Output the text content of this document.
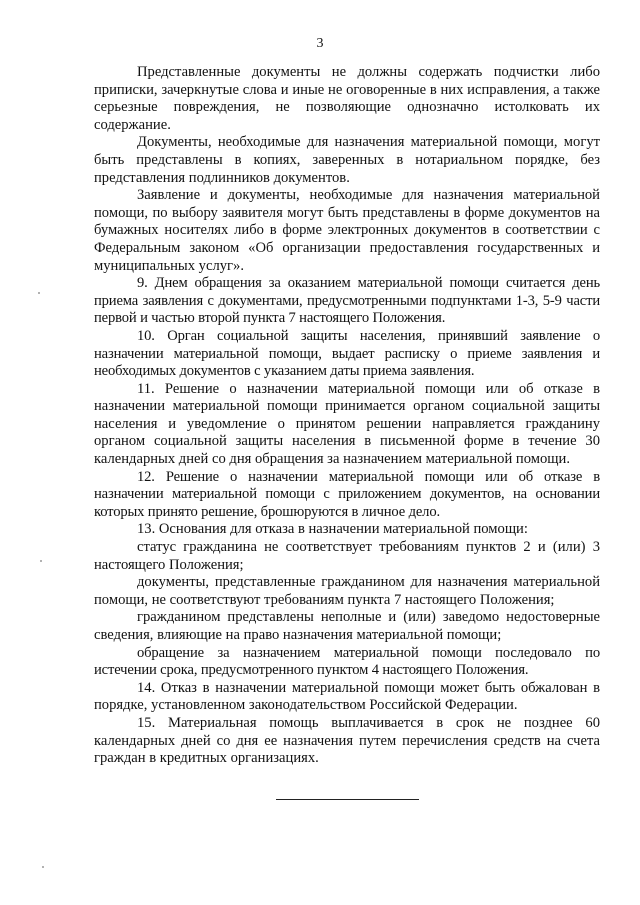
3

Представленные документы не должны содержать подчистки либо приписки, зачеркнутые слова и иные не оговоренные в них исправления, а также серьезные повреждения, не позволяющие однозначно истолковать их содержание.

Документы, необходимые для назначения материальной помощи, могут быть представлены в копиях, заверенных в нотариальном порядке, без представления подлинников документов.

Заявление и документы, необходимые для назначения материальной помощи, по выбору заявителя могут быть представлены в форме документов на бумажных носителях либо в форме электронных документов в соответствии с Федеральным законом «Об организации предоставления государственных и муниципальных услуг».

9. Днем обращения за оказанием материальной помощи считается день приема заявления с документами, предусмотренными подпунктами 1-3, 5-9 части первой и частью второй пункта 7 настоящего Положения.

10. Орган социальной защиты населения, принявший заявление о назначении материальной помощи, выдает расписку о приеме заявления и необходимых документов с указанием даты приема заявления.

11. Решение о назначении материальной помощи или об отказе в назначении материальной помощи принимается органом социальной защиты населения и уведомление о принятом решении направляется гражданину органом социальной защиты населения в письменной форме в течение 30 календарных дней со дня обращения за назначением материальной помощи.

12. Решение о назначении материальной помощи или об отказе в назначении материальной помощи с приложением документов, на основании которых принято решение, брошюруются в личное дело.

13. Основания для отказа в назначении материальной помощи:

статус гражданина не соответствует требованиям пунктов 2 и (или) 3 настоящего Положения;

документы, представленные гражданином для назначения материальной помощи, не соответствуют требованиям пункта 7 настоящего Положения;

гражданином представлены неполные и (или) заведомо недостоверные сведения, влияющие на право назначения материальной помощи;

обращение за назначением материальной помощи последовало по истечении срока, предусмотренного пунктом 4 настоящего Положения.

14. Отказ в назначении материальной помощи может быть обжалован в порядке, установленном законодательством Российской Федерации.

15. Материальная помощь выплачивается в срок не позднее 60 календарных дней со дня ее назначения путем перечисления средств на счета граждан в кредитных организациях.
